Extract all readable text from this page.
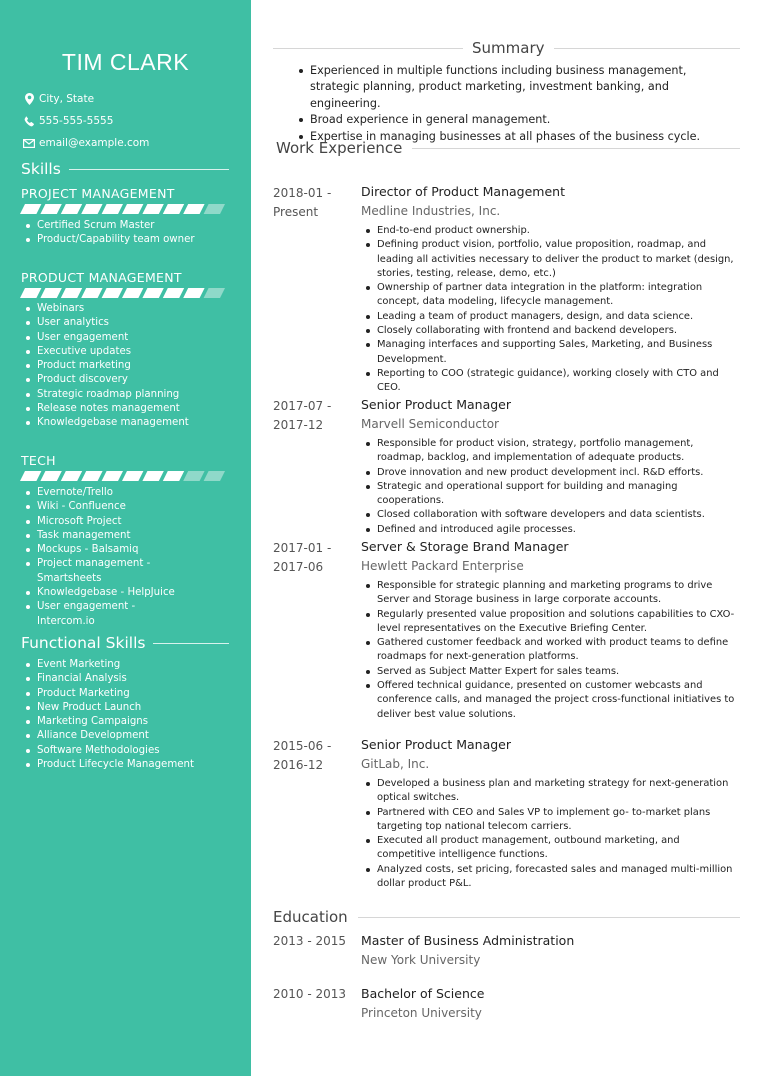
TIM CLARK
City, State
555-555-5555
email@example.com
Skills
PROJECT MANAGEMENT
Certified Scrum Master
Product/Capability team owner
PRODUCT MANAGEMENT
Webinars
User analytics
User engagement
Executive updates
Product marketing
Product discovery
Strategic roadmap planning
Release notes management
Knowledgebase management
TECH
Evernote/Trello
Wiki - Confluence
Microsoft Project
Task management
Mockups - Balsamiq
Project management - Smartsheets
Knowledgebase - HelpJuice
User engagement - Intercom.io
Functional Skills
Event Marketing
Financial Analysis
Product Marketing
New Product Launch
Marketing Campaigns
Alliance Development
Software Methodologies
Product Lifecycle Management
Summary
Experienced in multiple functions including business management, strategic planning, product marketing, investment banking, and engineering.
Broad experience in general management.
Expertise in managing businesses at all phases of the business cycle.
Work Experience
2018-01 -
Present
Director of Product Management
Medline Industries, Inc.
End-to-end product ownership.
Defining product vision, portfolio, value proposition, roadmap, and leading all activities necessary to deliver the product to market (design, stories, testing, release, demo, etc.)
Ownership of partner data integration in the platform: integration concept, data modeling, lifecycle management.
Leading a team of product managers, design, and data science.
Closely collaborating with frontend and backend developers.
Managing interfaces and supporting Sales, Marketing, and Business Development.
Reporting to COO (strategic guidance), working closely with CTO and CEO.
2017-07 -
2017-12
Senior Product Manager
Marvell Semiconductor
Responsible for product vision, strategy, portfolio management, roadmap, backlog, and implementation of adequate products.
Drove innovation and new product development incl. R&D efforts.
Strategic and operational support for building and managing cooperations.
Closed collaboration with software developers and data scientists.
Defined and introduced agile processes.
2017-01 -
2017-06
Server & Storage Brand Manager
Hewlett Packard Enterprise
Responsible for strategic planning and marketing programs to drive Server and Storage business in large corporate accounts.
Regularly presented value proposition and solutions capabilities to CXO-level representatives on the Executive Briefing Center.
Gathered customer feedback and worked with product teams to define roadmaps for next-generation platforms.
Served as Subject Matter Expert for sales teams.
Offered technical guidance, presented on customer webcasts and conference calls, and managed the project cross-functional initiatives to deliver best value solutions.
2015-06 -
2016-12
Senior Product Manager
GitLab, Inc.
Developed a business plan and marketing strategy for next-generation optical switches.
Partnered with CEO and Sales VP to implement go- to-market plans targeting top national telecom carriers.
Executed all product management, outbound marketing, and competitive intelligence functions.
Analyzed costs, set pricing, forecasted sales and managed multi-million dollar product P&L.
Education
2013 - 2015	Master of Business Administration
New York University
2010 - 2013	Bachelor of Science
Princeton University
